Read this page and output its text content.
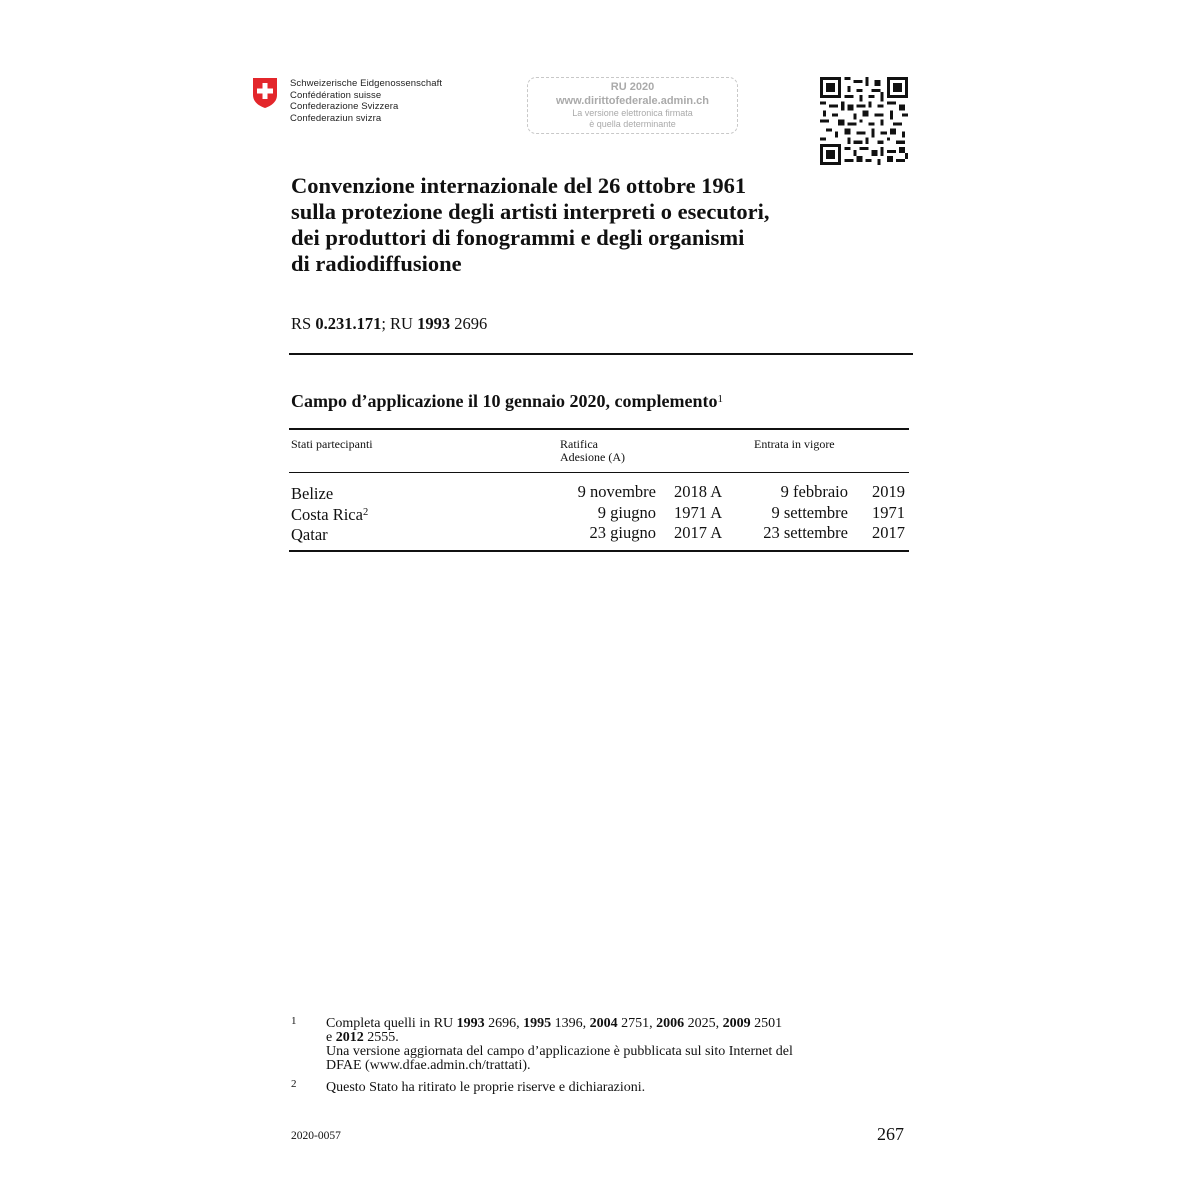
Schweizerische Eidgenossenschaft
Confédération suisse
Confederazione Svizzera
Confederaziun svizra
RU 2020
www.dirittofederale.admin.ch
La versione elettronica firmata
è quella determinante
Convenzione internazionale del 26 ottobre 1961
sulla protezione degli artisti interpreti o esecutori,
dei produttori di fonogrammi e degli organismi
di radiodiffusione
RS 0.231.171; RU 1993 2696
Campo d’applicazione il 10 gennaio 2020, complemento$^1$
Stati partecipanti	Ratifica
Adesione (A)
Entrata in vigore
Belize	9 novembre 2018 A	9 febbraio 2019
Costa Rica$^2$	9 giugno 1971 A	9 settembre 1971
Qatar	23 giugno 2017 A 23 settembre 2017
1 Completa quelli in RU 1993 2696, 1995 1396, 2004 2751, 2006 2025, 2009 2501
e 2012 2555.
Una versione aggiornata del campo d’applicazione è pubblicata sul sito Internet del
DFAE (www.dfae.admin.ch/trattati).
2 Questo Stato ha ritirato le proprie riserve e dichiarazioni.
2020-0057	267
